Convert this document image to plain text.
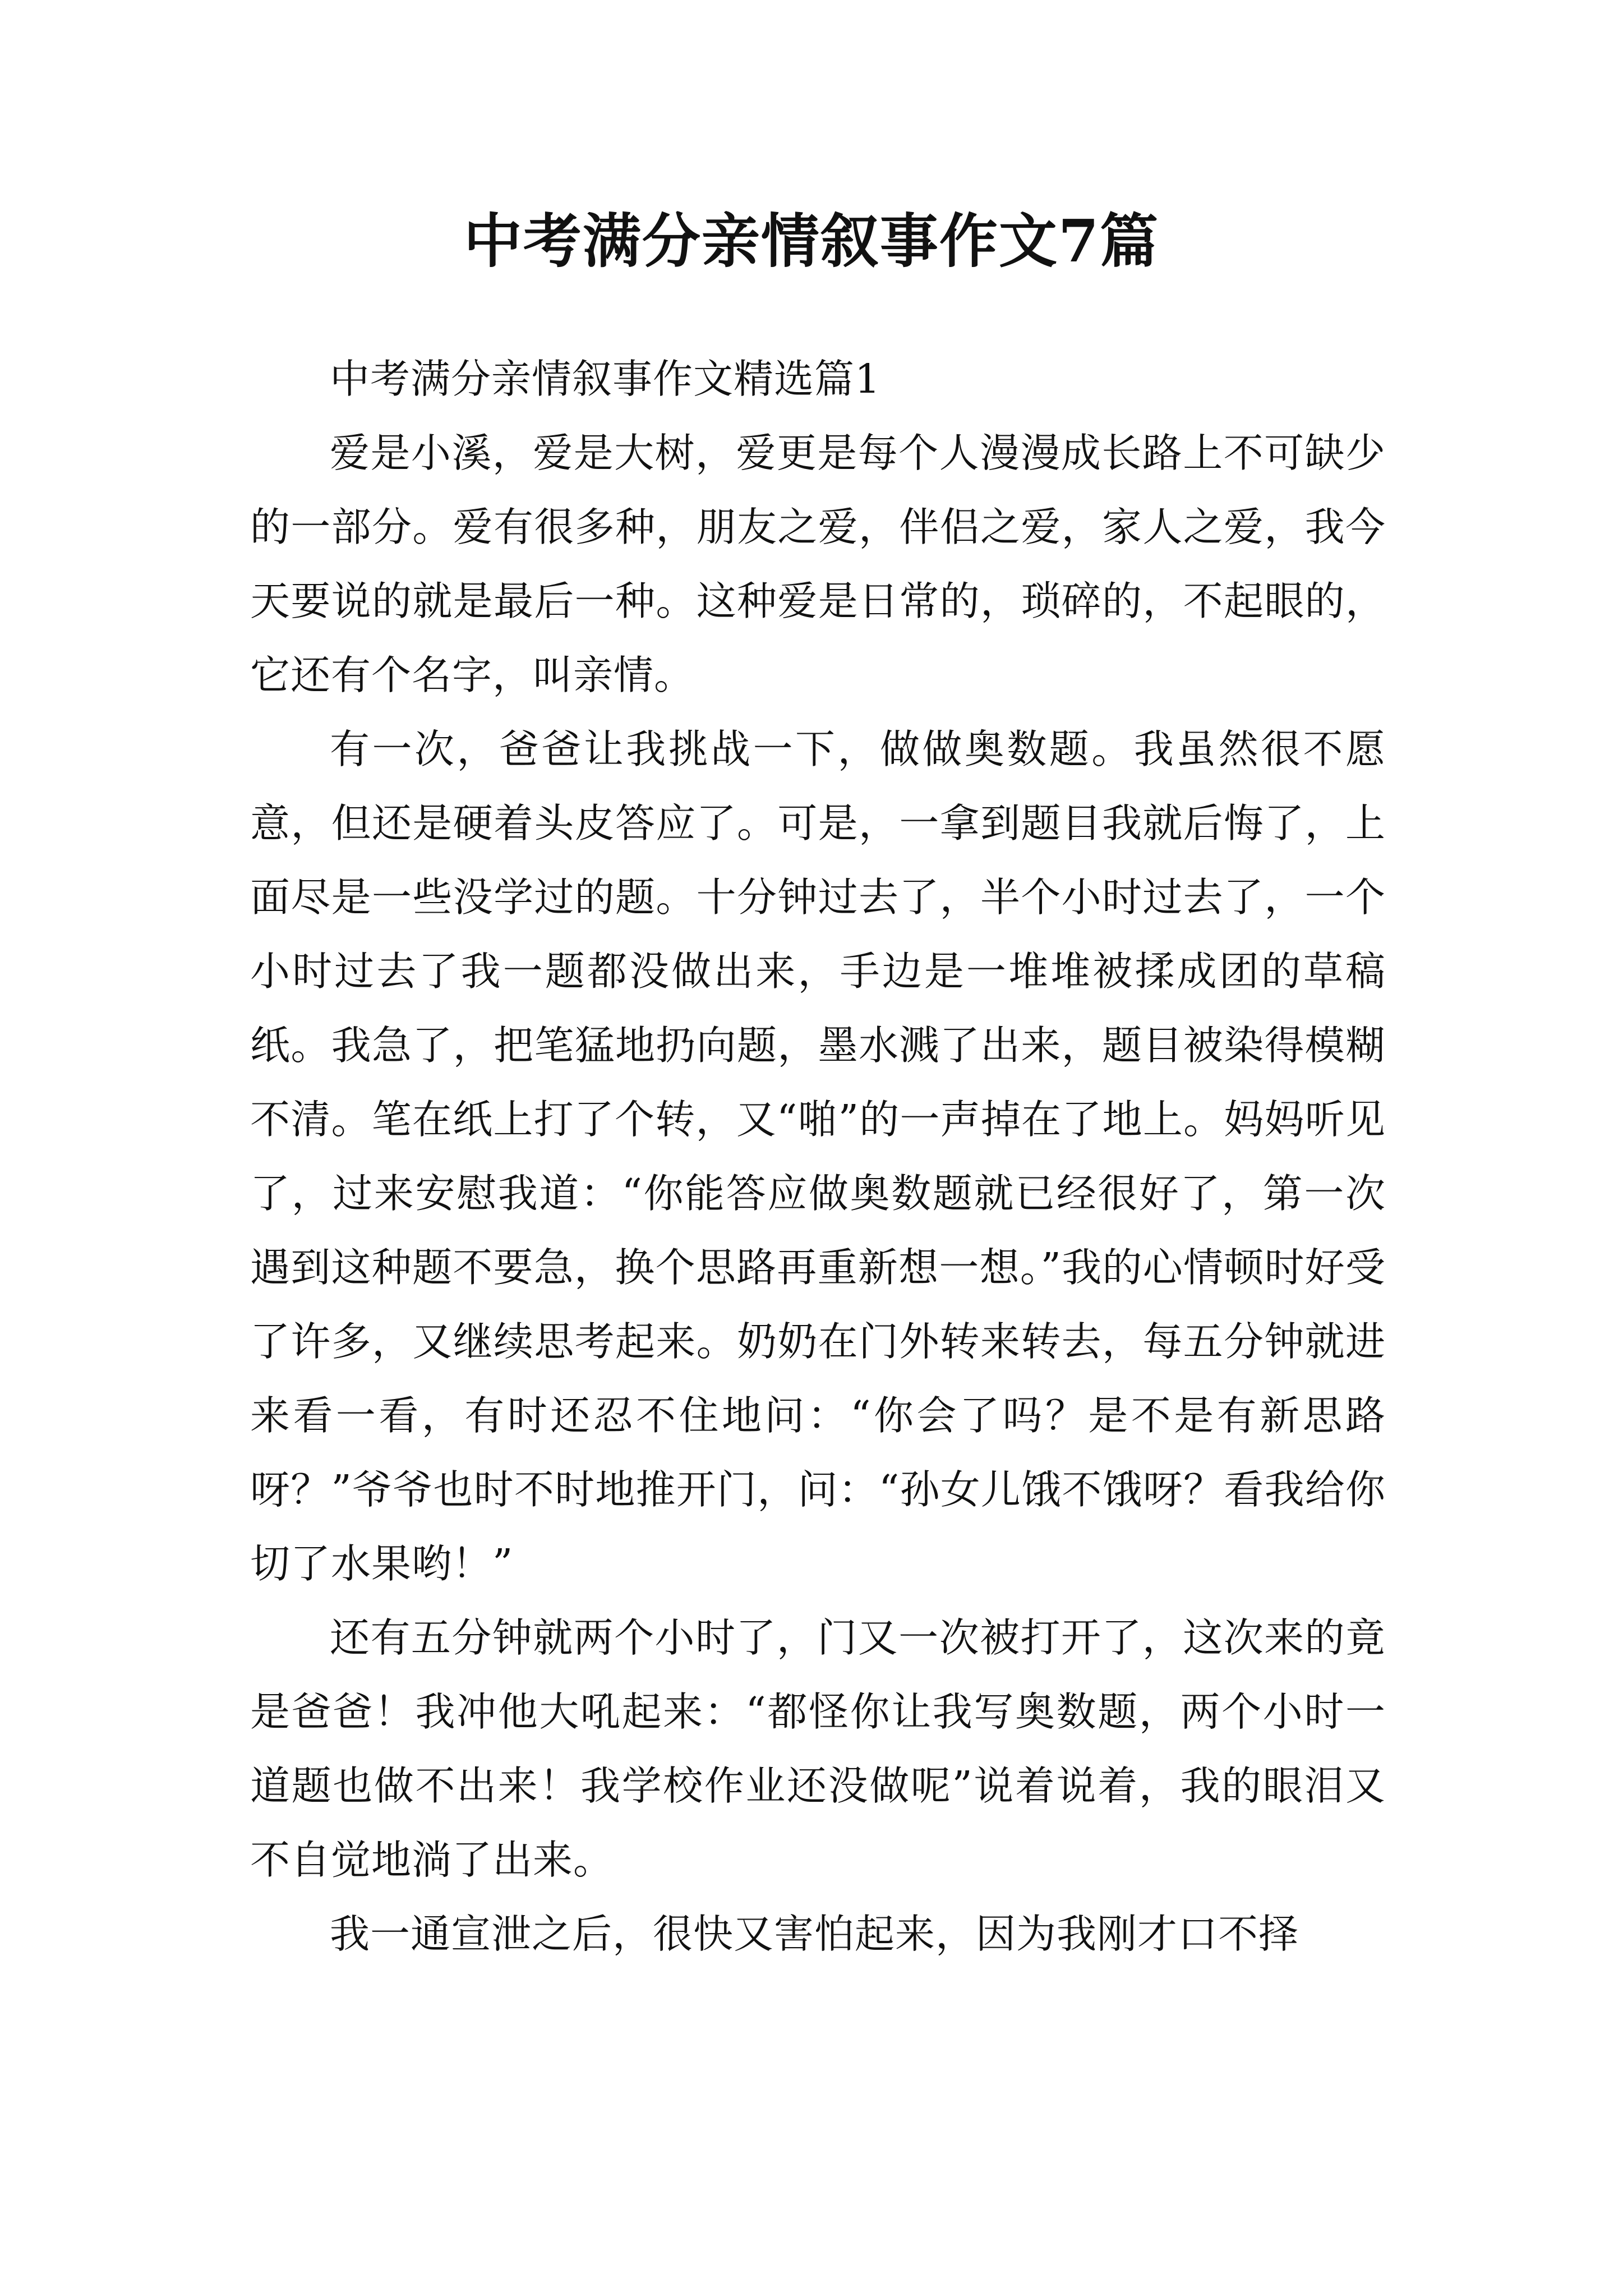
中考满分亲情叙事作文7篇

中考满分亲情叙事作文精选篇1

爱是小溪，爱是大树，爱更是每个人漫漫成长路上不可缺少的一部分。爱有很多种，朋友之爱，伴侣之爱，家人之爱，我今天要说的就是最后一种。这种爱是日常的，琐碎的，不起眼的，它还有个名字，叫亲情。

有一次，爸爸让我挑战一下，做做奥数题。我虽然很不愿意，但还是硬着头皮答应了。可是，一拿到题目我就后悔了，上面尽是一些没学过的题。十分钟过去了，半个小时过去了，一个小时过去了我一题都没做出来，手边是一堆堆被揉成团的草稿纸。我急了，把笔猛地扔向题，墨水溅了出来，题目被染得模糊不清。笔在纸上打了个转，又“啪”的一声掉在了地上。妈妈听见了，过来安慰我道：“你能答应做奥数题就已经很好了，第一次遇到这种题不要急，换个思路再重新想一想。”我的心情顿时好受了许多，又继续思考起来。奶奶在门外转来转去，每五分钟就进来看一看，有时还忍不住地问：“你会了吗？是不是有新思路呀？”爷爷也时不时地推开门，问：“孙女儿饿不饿呀？看我给你切了水果哟！”

还有五分钟就两个小时了，门又一次被打开了，这次来的竟是爸爸！我冲他大吼起来：“都怪你让我写奥数题，两个小时一道题也做不出来！我学校作业还没做呢”说着说着，我的眼泪又不自觉地淌了出来。

我一通宣泄之后，很快又害怕起来，因为我刚才口不择
